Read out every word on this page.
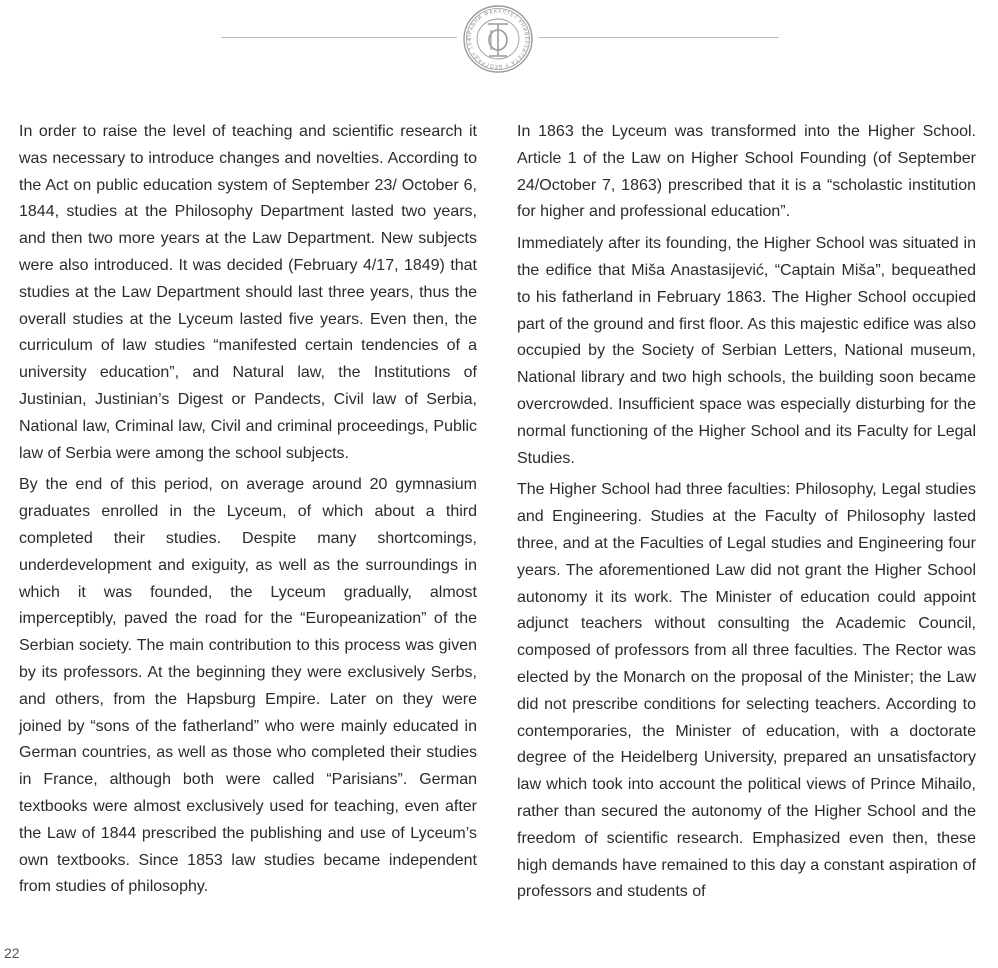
ПРАВНИ ФАКУЛТЕТ УНИВЕРЗИТЕТА У БЕОГРАДУ 184

In order to raise the level of teaching and scientific research it was necessary to introduce changes and novelties. According to the Act on public education system of September 23/ October 6, 1844, studies at the Philosophy Department lasted two years, and then two more years at the Law Department. New subjects were also introduced. It was decided (February 4/17, 1849) that studies at the Law Department should last three years, thus the overall studies at the Lyceum lasted five years. Even then, the curriculum of law studies “manifested certain tendencies of a university education”, and Natural law, the Institutions of Justinian, Justinian’s Digest or Pandects, Civil law of Serbia, National law, Criminal law, Civil and criminal proceedings, Public law of Serbia were among the school subjects.

By the end of this period, on average around 20 gymnasium graduates enrolled in the Lyceum, of which about a third completed their studies. Despite many shortcomings, underdevelopment and exiguity, as well as the surroundings in which it was founded, the Lyceum gradually, almost imperceptibly, paved the road for the “Europeanization” of the Serbian society. The main contribution to this process was given by its professors. At the beginning they were exclusively Serbs, and others, from the Hapsburg Empire. Later on they were joined by “sons of the fatherland” who were mainly educated in German countries, as well as those who completed their studies in France, although both were called “Parisians”. German textbooks were almost exclusively used for teaching, even after the Law of 1844 prescribed the publishing and use of Lyceum’s own textbooks. Since 1853 law studies became independent from studies of philosophy.

In 1863 the Lyceum was transformed into the Higher School. Article 1 of the Law on Higher School Founding (of September 24/October 7, 1863) prescribed that it is a “scholastic institution for higher and professional education”.

Immediately after its founding, the Higher School was situated in the edifice that Miša Anastasijević, “Captain Miša”, bequeathed to his fatherland in February 1863. The Higher School occupied part of the ground and first floor. As this majestic edifice was also occupied by the Society of Serbian Letters, National museum, National library and two high schools, the building soon became overcrowded. Insufficient space was especially disturbing for the normal functioning of the Higher School and its Faculty for Legal Studies.

The Higher School had three faculties: Philosophy, Legal studies and Engineering. Studies at the Faculty of Philosophy lasted three, and at the Faculties of Legal studies and Engineering four years. The aforementioned Law did not grant the Higher School autonomy it its work. The Minister of education could appoint adjunct teachers without consulting the Academic Council, composed of professors from all three faculties. The Rector was elected by the Monarch on the proposal of the Minister; the Law did not prescribe conditions for selecting teachers. According to contemporaries, the Minister of education, with a doctorate degree of the Heidelberg University, prepared an unsatisfactory law which took into account the political views of Prince Mihailo, rather than secured the autonomy of the Higher School and the freedom of scientific research. Emphasized even then, these high demands have remained to this day a constant aspiration of professors and students of

22
